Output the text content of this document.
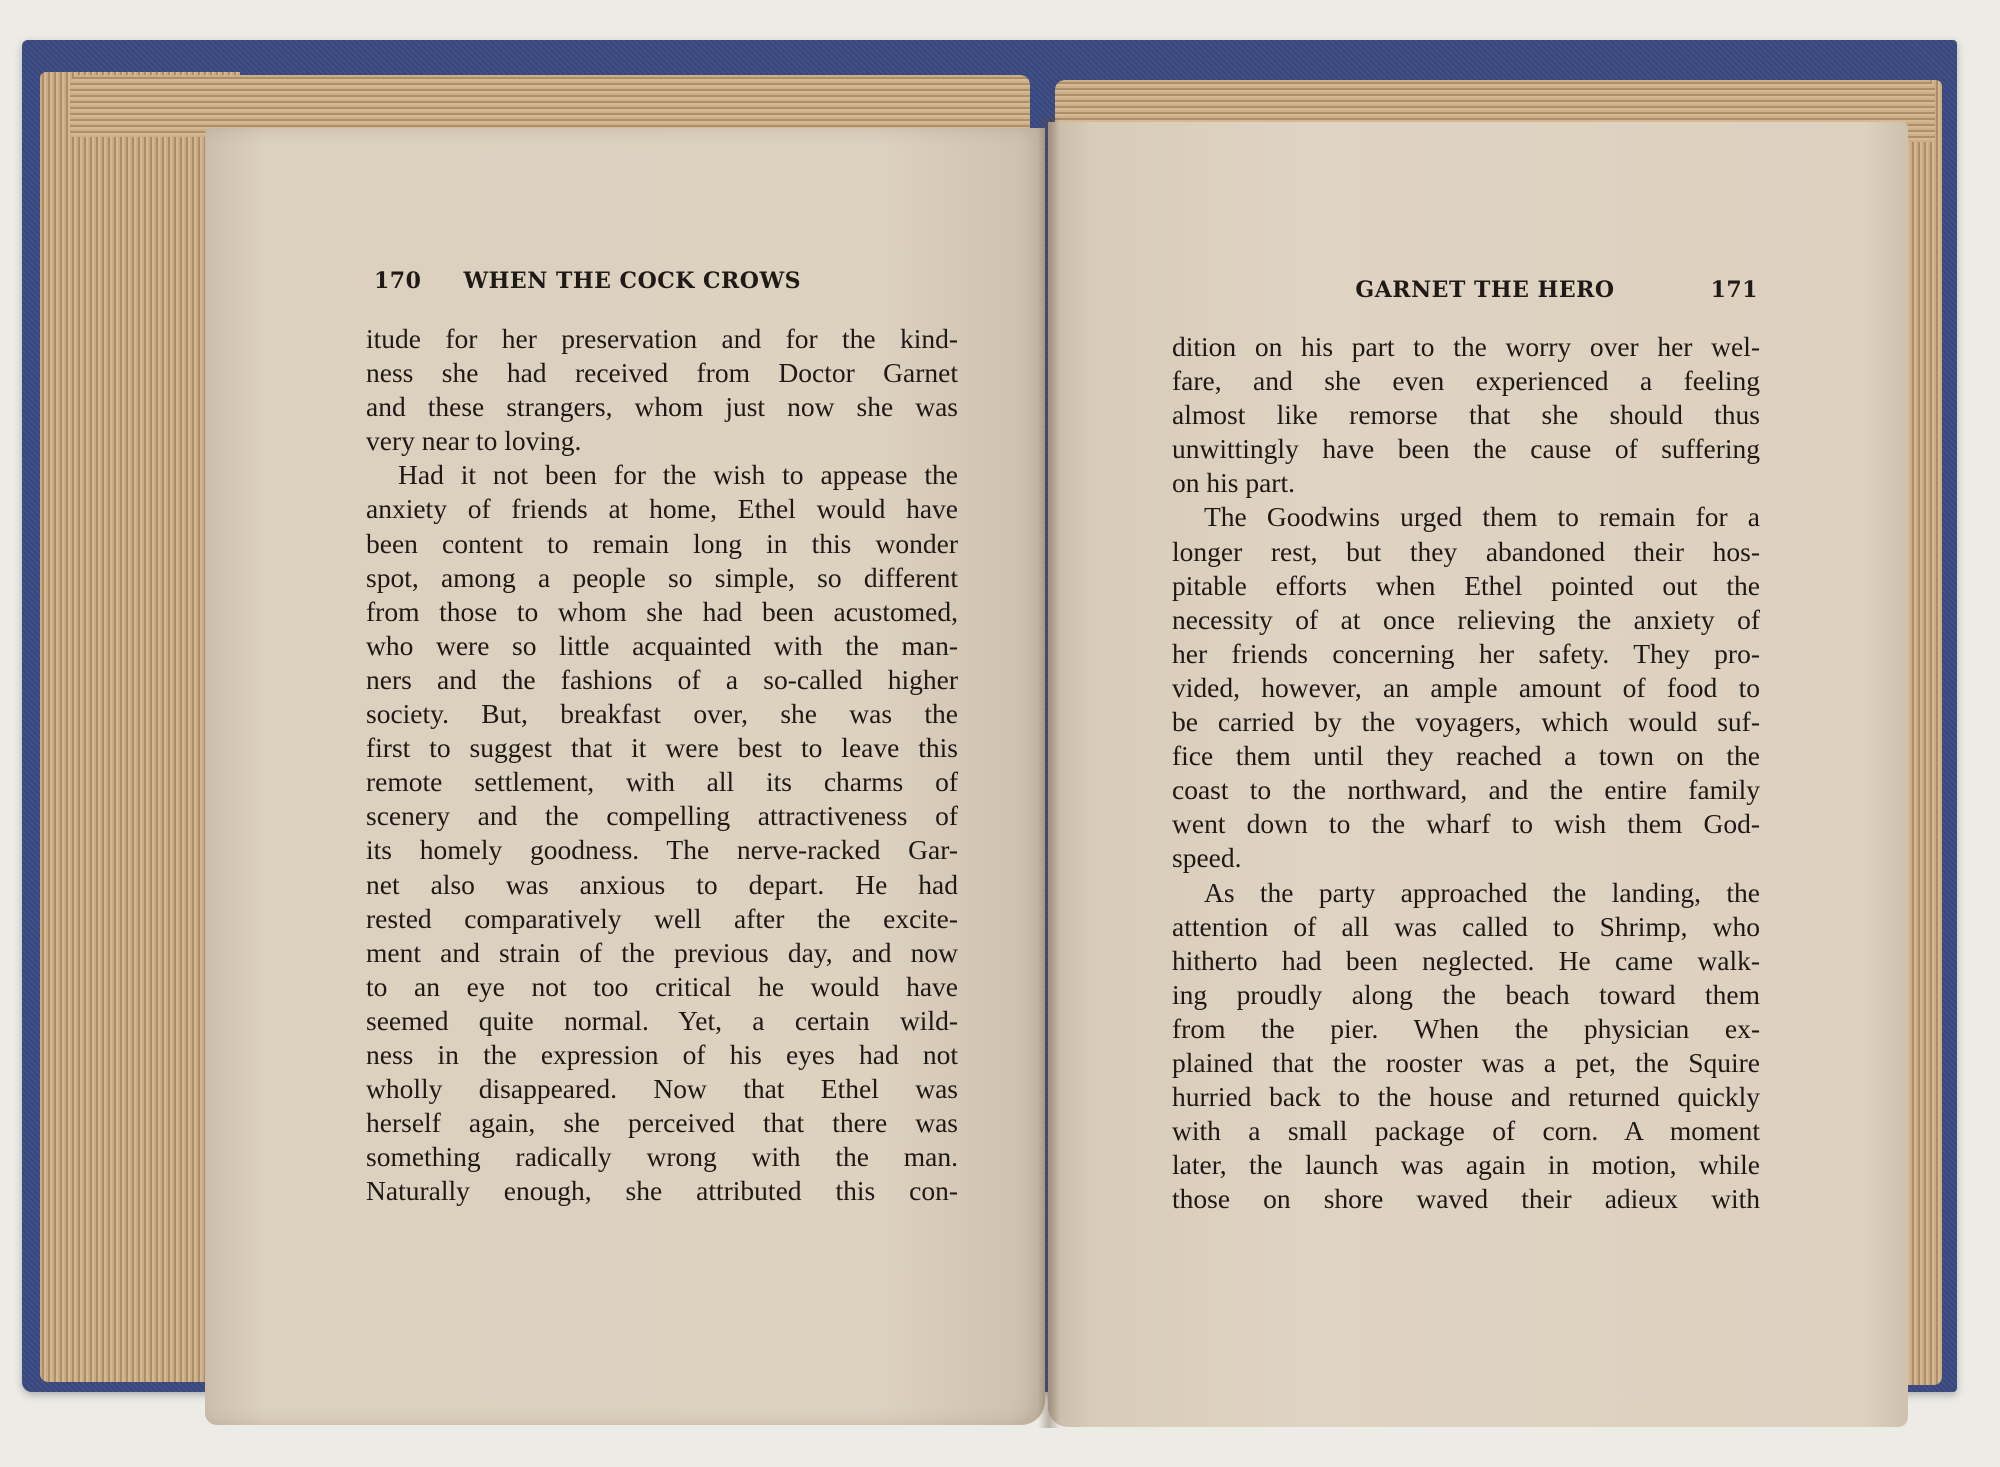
170 WHEN THE COCK CROWS	GARNET THE HERO	171
itude for her preservation and for the kind-
ness she had received from Doctor Garnet
and these strangers, whom just now she was
very near to loving.
Had it not been for the wish to appease the
anxiety of friends at home, Ethel would have
been content to remain long in this wonder
spot, among a people so simple, so different
from those to whom she had been acustomed,
who were so little acquainted with the man-
ners and the fashions of a so-called higher
society. But, breakfast over, she was the
first to suggest that it were best to leave this
remote settlement, with all its charms of
scenery and the compelling attractiveness of
its homely goodness. The nerve-racked Gar-
net also was anxious to depart. He had
rested comparatively well after the excite-
ment and strain of the previous day, and now
to an eye not too critical he would have
seemed quite normal. Yet, a certain wild-
ness in the expression of his eyes had not
wholly disappeared. Now that Ethel was
herself again, she perceived that there was
something radically wrong with the man.
Naturally enough, she attributed this con-
dition on his part to the worry over her wel-
fare, and she even experienced a feeling
almost like remorse that she should thus
unwittingly have been the cause of suffering
on his part.
The Goodwins urged them to remain for a
longer rest, but they abandoned their hos-
pitable efforts when Ethel pointed out the
necessity of at once relieving the anxiety of
her friends concerning her safety. They pro-
vided, however, an ample amount of food to
be carried by the voyagers, which would suf-
fice them until they reached a town on the
coast to the northward, and the entire family
went down to the wharf to wish them God-
speed.
As the party approached the landing, the
attention of all was called to Shrimp, who
hitherto had been neglected. He came walk-
ing proudly along the beach toward them
from the pier. When the physician ex-
plained that the rooster was a pet, the Squire
hurried back to the house and returned quickly
with a small package of corn. A moment
later, the launch was again in motion, while
those on shore waved their adieux with
